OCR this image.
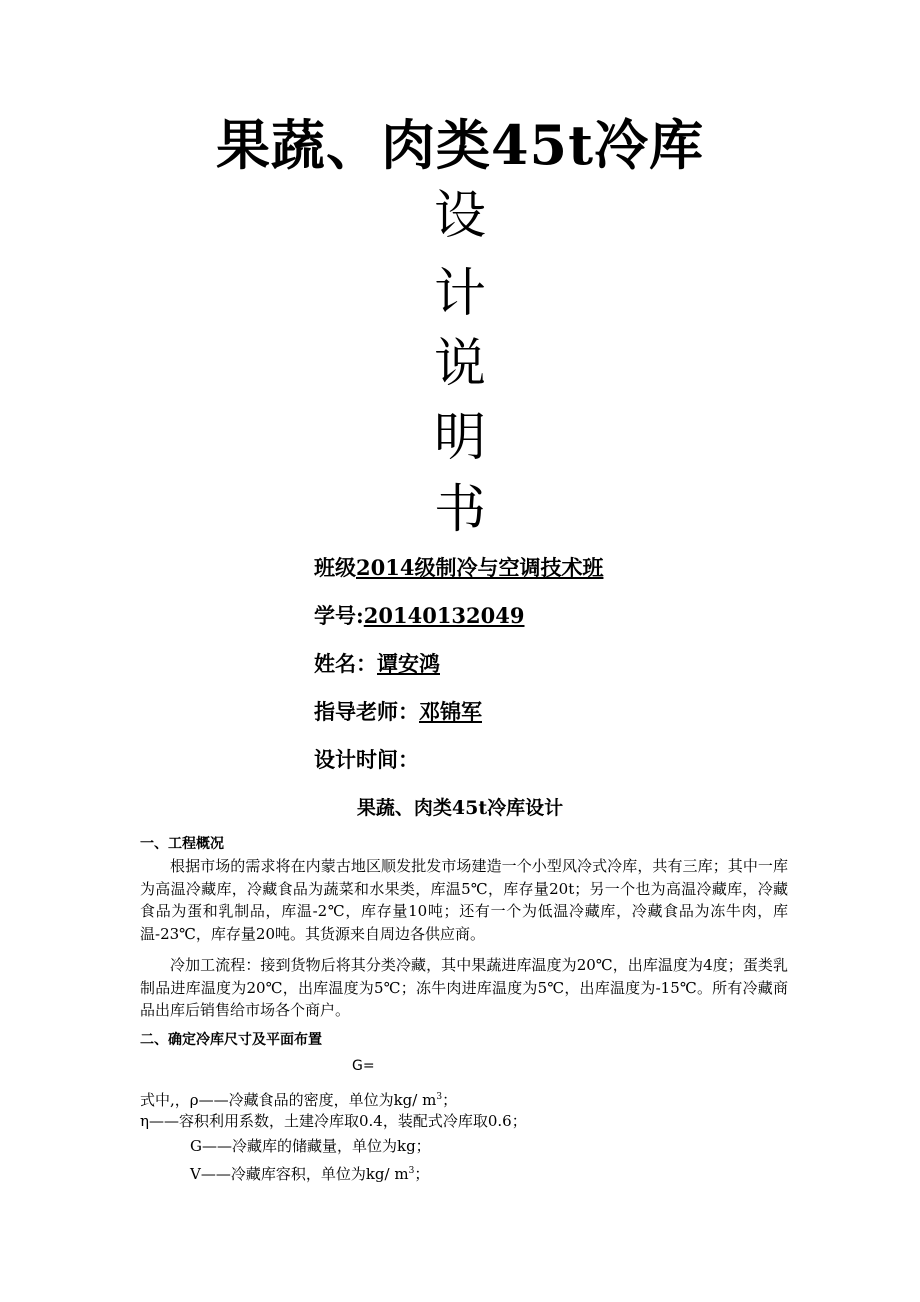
果蔬、肉类45t冷库
设
计
说
明
书
班级2014级制冷与空调技术班
学号:20140132049
姓名：谭安鸿
指导老师：邓锦军
设计时间：
果蔬、肉类45t冷库设计
一、工程概况

根据市场的需求将在内蒙古地区顺发批发市场建造一个小型风冷式冷库，共有三库；其中一库为高温冷藏库，冷藏食品为蔬菜和水果类，库温5℃，库存量20t；另一个也为高温冷藏库，冷藏食品为蛋和乳制品，库温-2℃，库存量10吨；还有一个为低温冷藏库，冷藏食品为冻牛肉，库温-23℃，库存量20吨。其货源来自周边各供应商。

冷加工流程：接到货物后将其分类冷藏，其中果蔬进库温度为20℃，出库温度为4度；蛋类乳制品进库温度为20℃，出库温度为5℃；冻牛肉进库温度为5℃，出库温度为-15℃。所有冷藏商品出库后销售给市场各个商户。

二、确定冷库尺寸及平面布置
G=
式中,，ρ——冷藏食品的密度，单位为kg/ $m^3$；
η——容积利用系数，土建冷库取0.4，装配式冷库取0.6；
G——冷藏库的储藏量，单位为kg；
V——冷藏库容积，单位为kg/ $m^3$；
